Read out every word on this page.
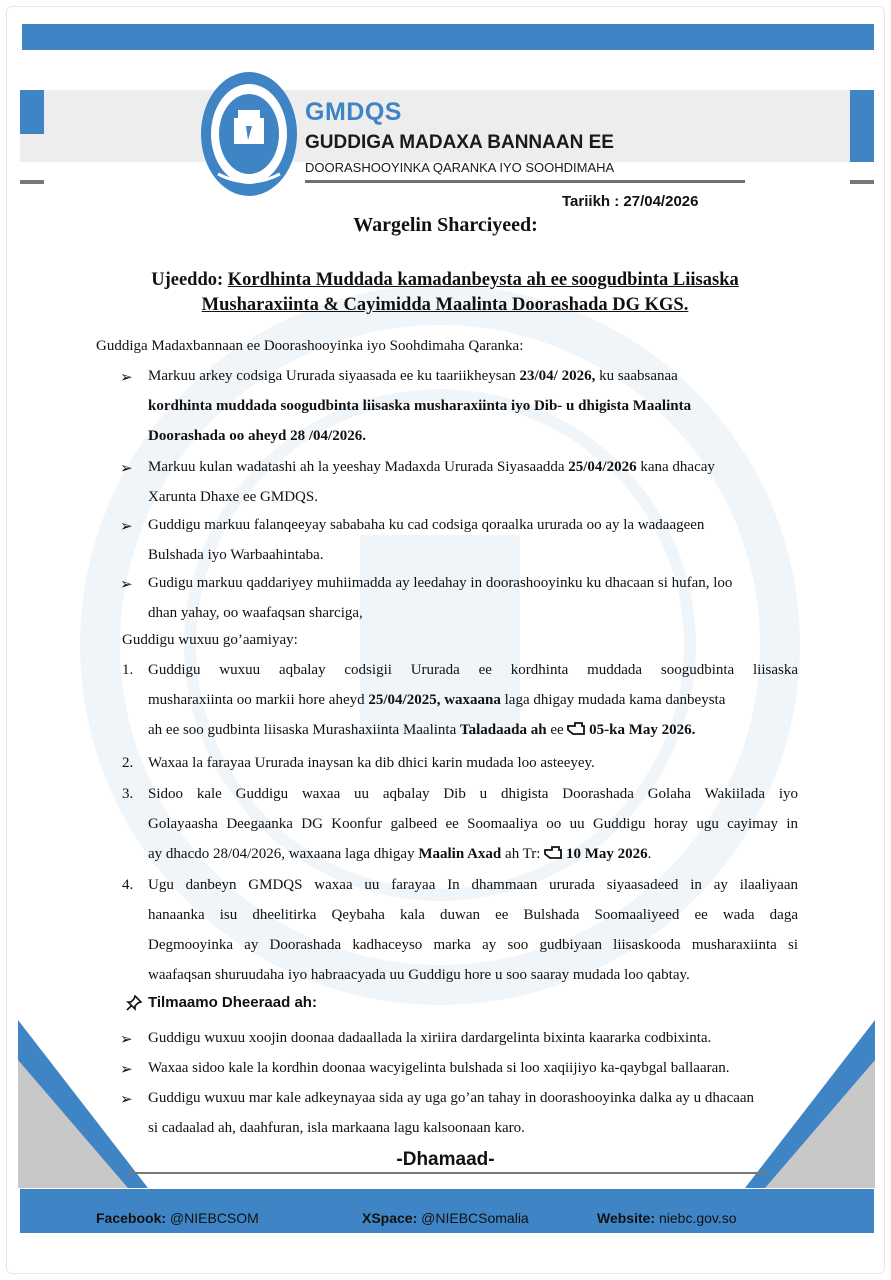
NIEBC
GMDQS
GUDDIGA MADAXA BANNAAN EE
DOORASHOOYINKA QARANKA IYO SOOHDIMAHA
Tariikh : 27/04/2026
Wargelin Sharciyeed:
Ujeeddo: Kordhinta Muddada kamadanbeysta ah ee soogudbinta Liisaska
Musharaxiinta & Cayimidda Maalinta Doorashada DG KGS.
Guddiga Madaxbannaan ee Doorashooyinka iyo Soohdimaha Qaranka:
➢ Markuu arkey codsiga Ururada siyaasada ee ku taariikheysan 23/04/ 2026, ku saabsanaa
kordhinta muddada soogudbinta liisaska musharaxiinta iyo Dib- u dhigista Maalinta
Doorashada oo aheyd 28 /04/2026.
➢ Markuu kulan wadatashi ah la yeeshay Madaxda Ururada Siyasaadda 25/04/2026 kana dhacay
Xarunta Dhaxe ee GMDQS.
➢ Guddigu markuu falanqeeyay sababaha ku cad codsiga qoraalka ururada oo ay la wadaageen
Bulshada iyo Warbaahintaba.
➢ Gudigu markuu qaddariyey muhiimadda ay leedahay in doorashooyinku ku dhacaan si hufan, loo
dhan yahay, oo waafaqsan sharciga,
Guddigu wuxuu go’aamiyay:
1. Guddigu wuxuu aqbalay codsigii Ururada ee kordhinta muddada soogudbinta liisaska
musharaxiinta oo markii hore aheyd 25/04/2025, waxaana laga dhigay mudada kama danbeysta
ah ee soo gudbinta liisaska Murashaxiinta Maalinta Taladaada ah ee  05-ka May 2026.
2. Waxaa la farayaa Ururada inaysan ka dib dhici karin mudada loo asteeyey.
3. Sidoo kale Guddigu waxaa uu aqbalay Dib u dhigista Doorashada Golaha Wakiilada iyo
Golayaasha Deegaanka DG Koonfur galbeed ee Soomaaliya oo uu Guddigu horay ugu cayimay in
ay dhacdo 28/04/2026, waxaana laga dhigay Maalin Axad ah Tr:  10 May 2026.
4. Ugu danbeyn GMDQS waxaa uu farayaa In dhammaan ururada siyaasadeed in ay ilaaliyaan
hanaanka isu dheelitirka Qeybaha kala duwan ee Bulshada Soomaaliyeed ee wada daga
Degmooyinka ay Doorashada kadhaceyso marka ay soo gudbiyaan liisaskooda musharaxiinta si
waafaqsan shuruudaha iyo habraacyada uu Guddigu hore u soo saaray mudada loo qabtay.
Tilmaamo Dheeraad ah:
➢ Guddigu wuxuu xoojin doonaa dadaallada la xiriira dardargelinta bixinta kaararka codbixinta.
➢ Waxaa sidoo kale la kordhin doonaa wacyigelinta bulshada si loo xaqiijiyo ka-qaybgal ballaaran.
➢ Guddigu wuxuu mar kale adkeynayaa sida ay uga go’an tahay in doorashooyinka dalka ay u dhacaan
si cadaalad ah, daahfuran, isla markaana lagu kalsoonaan karo.
-Dhamaad-
Facebook: @NIEBCSOM	XSpace: @NIEBCSomalia	Website: niebc.gov.so
